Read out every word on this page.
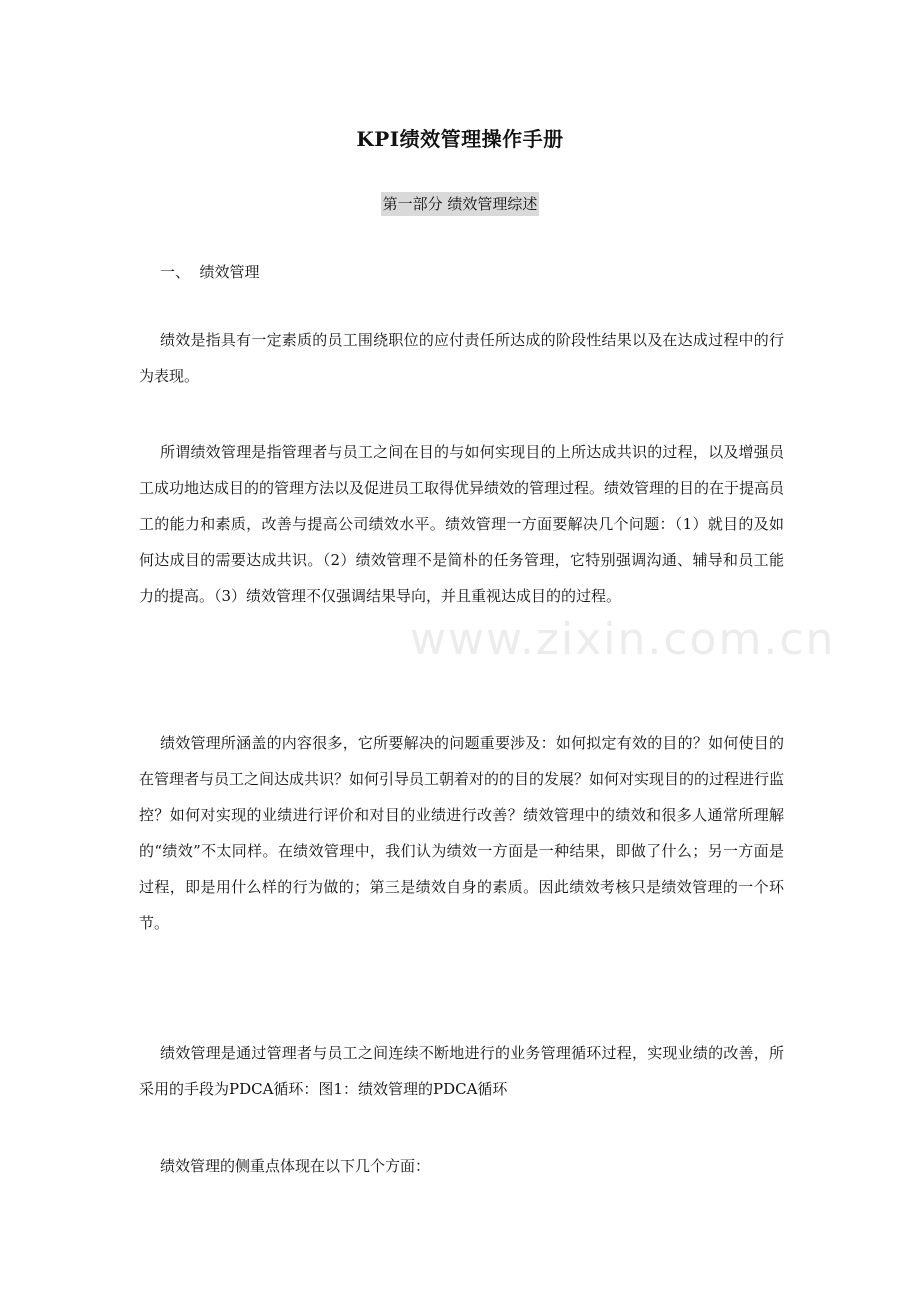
KPI绩效管理操作手册
第一部分 绩效管理综述
一、  绩效管理

绩效是指具有一定素质的员工围绕职位的应付责任所达成的阶段性结果以及在达成过程中的行为表现。

所谓绩效管理是指管理者与员工之间在目的与如何实现目的上所达成共识的过程，以及增强员工成功地达成目的的管理方法以及促进员工取得优异绩效的管理过程。绩效管理的目的在于提高员工的能力和素质，改善与提高公司绩效水平。绩效管理一方面要解决几个问题：（1）就目的及如何达成目的需要达成共识。（2）绩效管理不是简朴的任务管理，它特别强调沟通、辅导和员工能力的提高。（3）绩效管理不仅强调结果导向，并且重视达成目的的过程。

绩效管理所涵盖的内容很多，它所要解决的问题重要涉及：如何拟定有效的目的？如何使目的在管理者与员工之间达成共识？如何引导员工朝着对的的目的发展？如何对实现目的的过程进行监控？如何对实现的业绩进行评价和对目的业绩进行改善？绩效管理中的绩效和很多人通常所理解的“绩效”不太同样。在绩效管理中，我们认为绩效一方面是一种结果，即做了什么；另一方面是过程，即是用什么样的行为做的；第三是绩效自身的素质。因此绩效考核只是绩效管理的一个环节。

绩效管理是通过管理者与员工之间连续不断地进行的业务管理循环过程，实现业绩的改善，所采用的手段为PDCA循环：图1：绩效管理的PDCA循环

绩效管理的侧重点体现在以下几个方面：

www.zixin.com.cn
